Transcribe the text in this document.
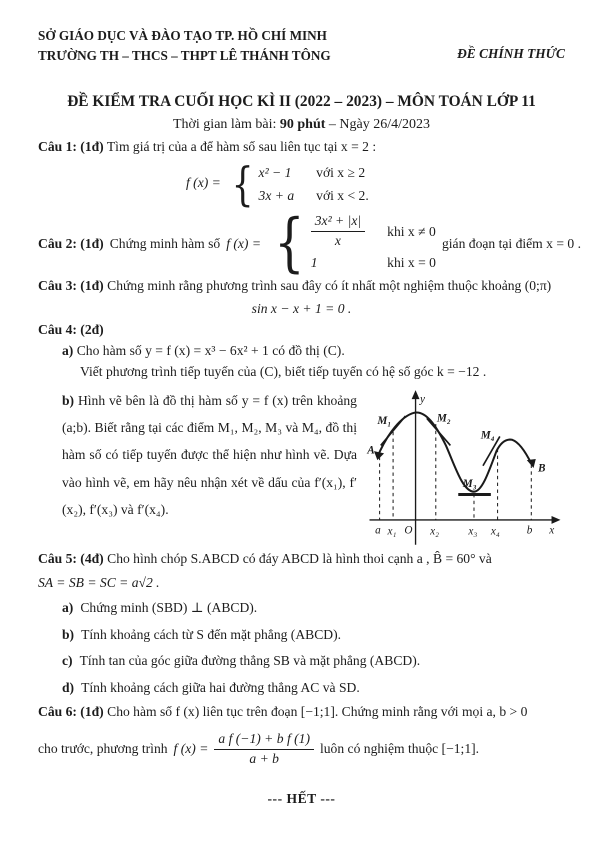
SỞ GIÁO DỤC VÀ ĐÀO TẠO TP. HỒ CHÍ MINH
TRƯỜNG TH – THCS – THPT LÊ THÁNH TÔNG	ĐỀ CHÍNH THỨC
ĐỀ KIỂM TRA CUỐI HỌC KÌ II (2022 – 2023) – MÔN TOÁN LỚP 11
Thời gian làm bài: 90 phút – Ngày 26/4/2023

Câu 1: (1đ) Tìm giá trị của a để hàm số sau liên tục tại x = 2 :

f (x) = { x² − 1 với x ≥ 2
3x + a với x < 2.
Câu 2: (1đ) Chứng minh hàm số f (x) = { $\frac{\text{3x² + |x|}}{x}$ khi x ≠ 0
1	khi x = 0
gián đoạn tại điểm x = 0 .

Câu 3: (1đ) Chứng minh rằng phương trình sau đây có ít nhất một nghiệm thuộc khoảng (0;π)

sin x − x + 1 = 0 .

Câu 4: (2đ)

a) Cho hàm số y = f (x) = x³ − 6x² + 1 có đồ thị (C).

Viết phương trình tiếp tuyến của (C), biết tiếp tuyến có hệ số góc k = −12 .

y
x
O
a x₁	x₂	x₃ x₄	b
A
B
M₁	M₂
M₃
M₄
b) Hình vẽ bên là đồ thị hàm số y = f (x) trên khoảng (a;b). Biết rằng tại các điểm M₁, M₂, M₃ và M₄, đồ thị hàm số có tiếp tuyến được thể hiện như hình vẽ. Dựa vào hình vẽ, em hãy nêu nhận xét về dấu của f′(x₁), f′(x₂), f′(x₃) và f′(x₄).

Câu 5: (4đ) Cho hình chóp S.ABCD có đáy ABCD là hình thoi cạnh a , B̂ = 60° và
SA = SB = SC = a√2 .

a) Chứng minh (SBD) ⊥ (ABCD).

b) Tính khoảng cách từ S đến mặt phẳng (ABCD).

c) Tính tan của góc giữa đường thẳng SB và mặt phẳng (ABCD).

d) Tính khoảng cách giữa hai đường thẳng AC và SD.

Câu 6: (1đ) Cho hàm số f (x) liên tục trên đoạn [−1;1]. Chứng minh rằng với mọi a, b > 0

cho trước, phương trình f $(x) = \frac{\text{a f (−1) + b f (1)}}{a + b}$ luôn có nghiệm thuộc [−1;1].
--- HẾT ---
